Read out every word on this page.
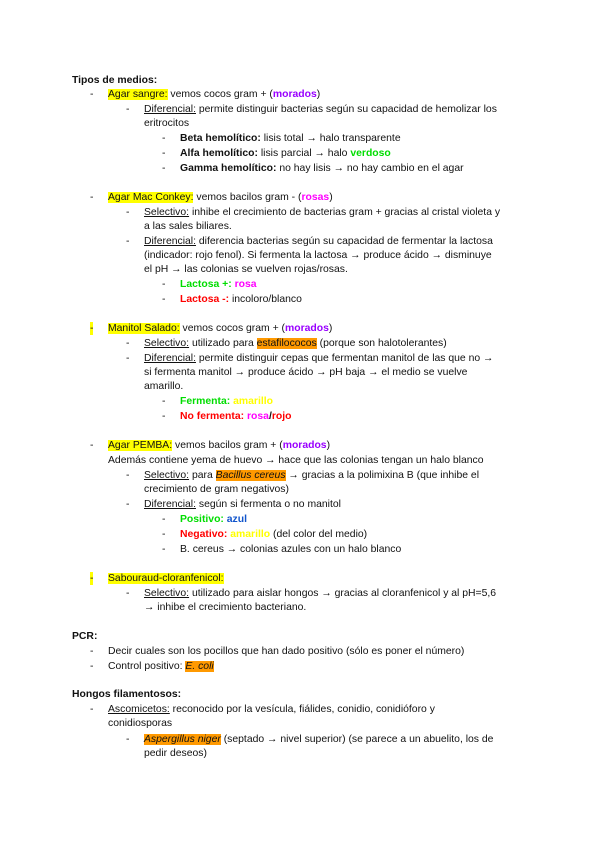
Tipos de medios:
- Agar sangre: vemos cocos gram + (morados)
- Diferencial: permite distinguir bacterias según su capacidad de hemolizar los
eritrocitos
- Beta hemolítico: lisis total → halo transparente
- Alfa hemolítico: lisis parcial → halo verdoso
- Gamma hemolítico: no hay lisis → no hay cambio en el agar
- Agar Mac Conkey: vemos bacilos gram - (rosas)
- Selectivo: inhibe el crecimiento de bacterias gram + gracias al cristal violeta y
a las sales biliares.
- Diferencial: diferencia bacterias según su capacidad de fermentar la lactosa
(indicador: rojo fenol). Si fermenta la lactosa → produce ácido → disminuye
el pH → las colonias se vuelven rojas/rosas.
- Lactosa +: rosa
- Lactosa -: incoloro/blanco
- Manitol Salado: vemos cocos gram + (morados)
- Selectivo: utilizado para estafilococos (porque son halotolerantes)
- Diferencial: permite distinguir cepas que fermentan manitol de las que no →
si fermenta manitol → produce ácido → pH baja → el medio se vuelve
amarillo.
- Fermenta: amarillo
- No fermenta: rosa/rojo
- Agar PEMBA: vemos bacilos gram + (morados)
Además contiene yema de huevo → hace que las colonias tengan un halo blanco
- Selectivo: para Bacillus cereus → gracias a la polimixina B (que inhibe el
crecimiento de gram negativos)
- Diferencial: según si fermenta o no manitol
- Positivo: azul
- Negativo: amarillo (del color del medio)
- B. cereus → colonias azules con un halo blanco
- Sabouraud-cloranfenicol:
- Selectivo: utilizado para aislar hongos → gracias al cloranfenicol y al pH=5,6
→ inhibe el crecimiento bacteriano.
PCR:
- Decir cuales son los pocillos que han dado positivo (sólo es poner el número)
- Control positivo: E. coli
Hongos filamentosos:
- Ascomicetos: reconocido por la vesícula, fiálides, conidio, conidióforo y
conidiosporas
- Aspergillus niger (septado → nivel superior) (se parece a un abuelito, los de
pedir deseos)
